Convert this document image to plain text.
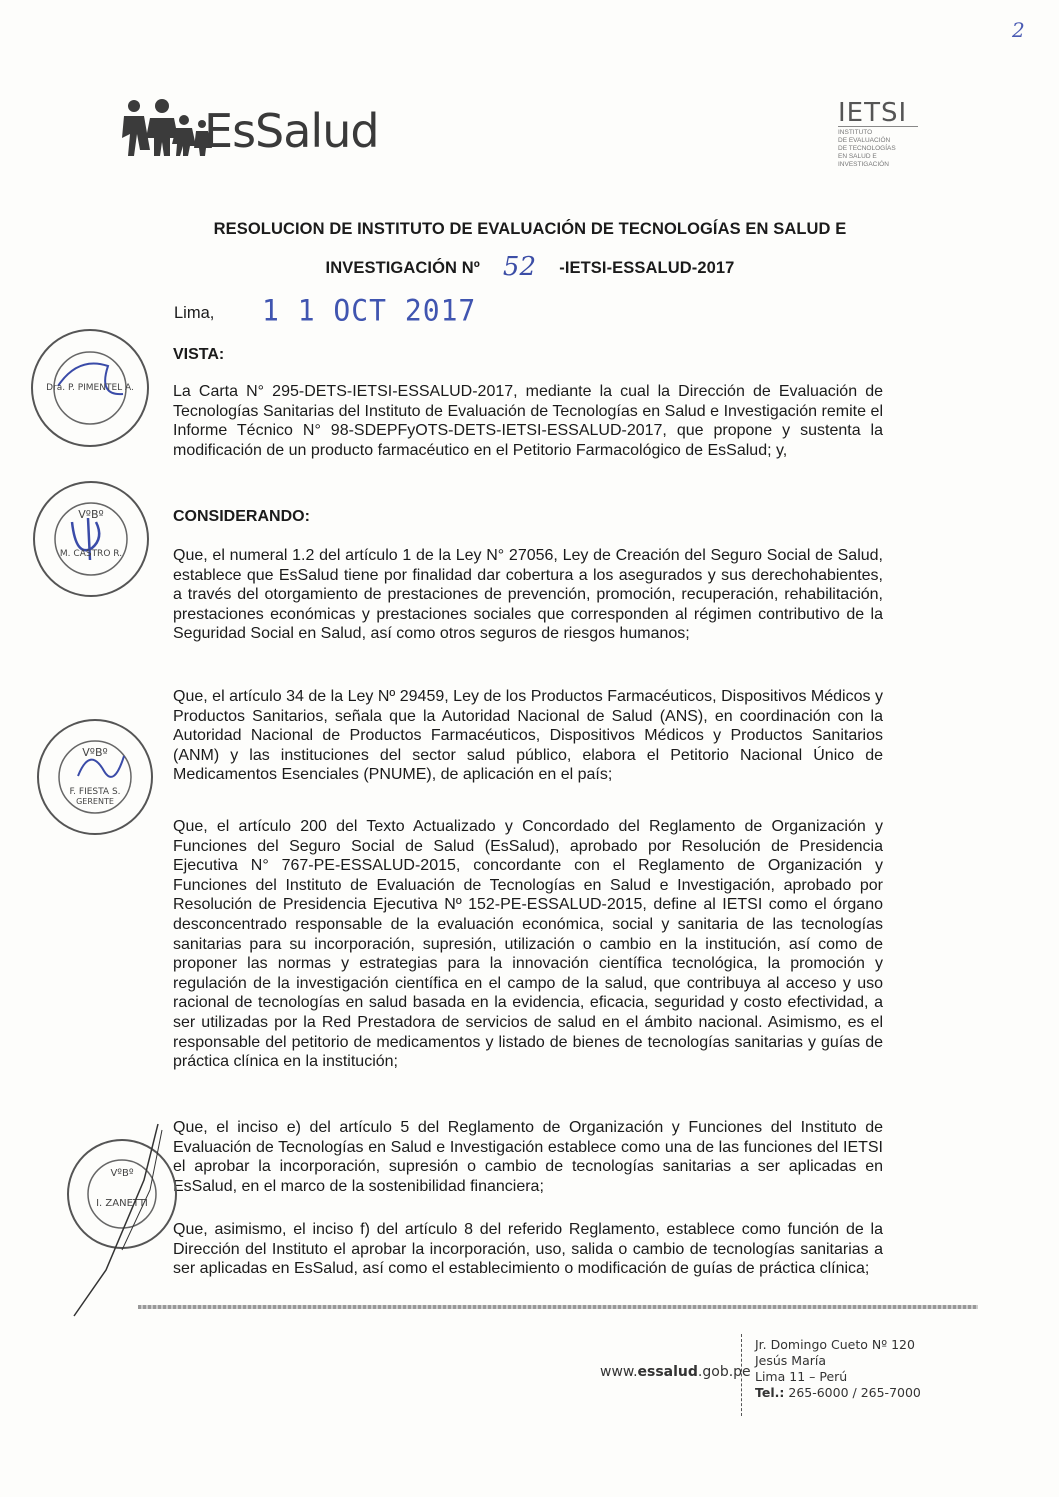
2
EsSalud	IETSI
INSTITUTO
DE EVALUACIÓN
DE TECNOLOGÍAS
EN SALUD E
INVESTIGACIÓN
RESOLUCION DE INSTITUTO DE EVALUACIÓN DE TECNOLOGÍAS EN SALUD E
INVESTIGACIÓN Nº 52 -IETSI-ESSALUD-2017
Lima, 1 1 OCT 2017
VISTA:
La Carta N° 295-DETS-IETSI-ESSALUD-2017, mediante la cual la Dirección de Evaluación de Tecnologías Sanitarias del Instituto de Evaluación de Tecnologías en Salud e Investigación remite el Informe Técnico N° 98-SDEPFyOTS-DETS-IETSI-ESSALUD-2017, que propone y sustenta la modificación de un producto farmacéutico en el Petitorio Farmacológico de EsSalud; y,
CONSIDERANDO:
Que, el numeral 1.2 del artículo 1 de la Ley N° 27056, Ley de Creación del Seguro Social de Salud, establece que EsSalud tiene por finalidad dar cobertura a los asegurados y sus derechohabientes, a través del otorgamiento de prestaciones de prevención, promoción, recuperación, rehabilitación, prestaciones económicas y prestaciones sociales que corresponden al régimen contributivo de la Seguridad Social en Salud, así como otros seguros de riesgos humanos;
Que, el artículo 34 de la Ley Nº 29459, Ley de los Productos Farmacéuticos, Dispositivos Médicos y Productos Sanitarios, señala que la Autoridad Nacional de Salud (ANS), en coordinación con la Autoridad Nacional de Productos Farmacéuticos, Dispositivos Médicos y Productos Sanitarios (ANM) y las instituciones del sector salud público, elabora el Petitorio Nacional Único de Medicamentos Esenciales (PNUME), de aplicación en el país;
Que, el artículo 200 del Texto Actualizado y Concordado del Reglamento de Organización y Funciones del Seguro Social de Salud (EsSalud), aprobado por Resolución de Presidencia Ejecutiva N° 767-PE-ESSALUD-2015, concordante con el Reglamento de Organización y Funciones del Instituto de Evaluación de Tecnologías en Salud e Investigación, aprobado por Resolución de Presidencia Ejecutiva Nº 152-PE-ESSALUD-2015, define al IETSI como el órgano desconcentrado responsable de la evaluación económica, social y sanitaria de las tecnologías sanitarias para su incorporación, supresión, utilización o cambio en la institución, así como de proponer las normas y estrategias para la innovación científica tecnológica, la promoción y regulación de la investigación científica en el campo de la salud, que contribuya al acceso y uso racional de tecnologías en salud basada en la evidencia, eficacia, seguridad y costo efectividad, a ser utilizadas por la Red Prestadora de servicios de salud en el ámbito nacional. Asimismo, es el responsable del petitorio de medicamentos y listado de bienes de tecnologías sanitarias y guías de práctica clínica en la institución;
Que, el inciso e) del artículo 5 del Reglamento de Organización y Funciones del Instituto de Evaluación de Tecnologías en Salud e Investigación establece como una de las funciones del IETSI el aprobar la incorporación, supresión o cambio de tecnologías sanitarias a ser aplicadas en EsSalud, en el marco de la sostenibilidad financiera;
Que, asimismo, el inciso f) del artículo 8 del referido Reglamento, establece como función de la Dirección del Instituto el aprobar la incorporación, uso, salida o cambio de tecnologías sanitarias a ser aplicadas en EsSalud, así como el establecimiento o modificación de guías de práctica clínica;
Dra. P. PIMENTEL A.
VºBº
M. CASTRO R.
VºBº
F. FIESTA S.
GERENTE
VºBº
I. ZANETTI
www.essalud.gob.pe
Jr. Domingo Cueto Nº 120
Jesús María
Lima 11 – Perú
Tel.: 265-6000 / 265-7000
